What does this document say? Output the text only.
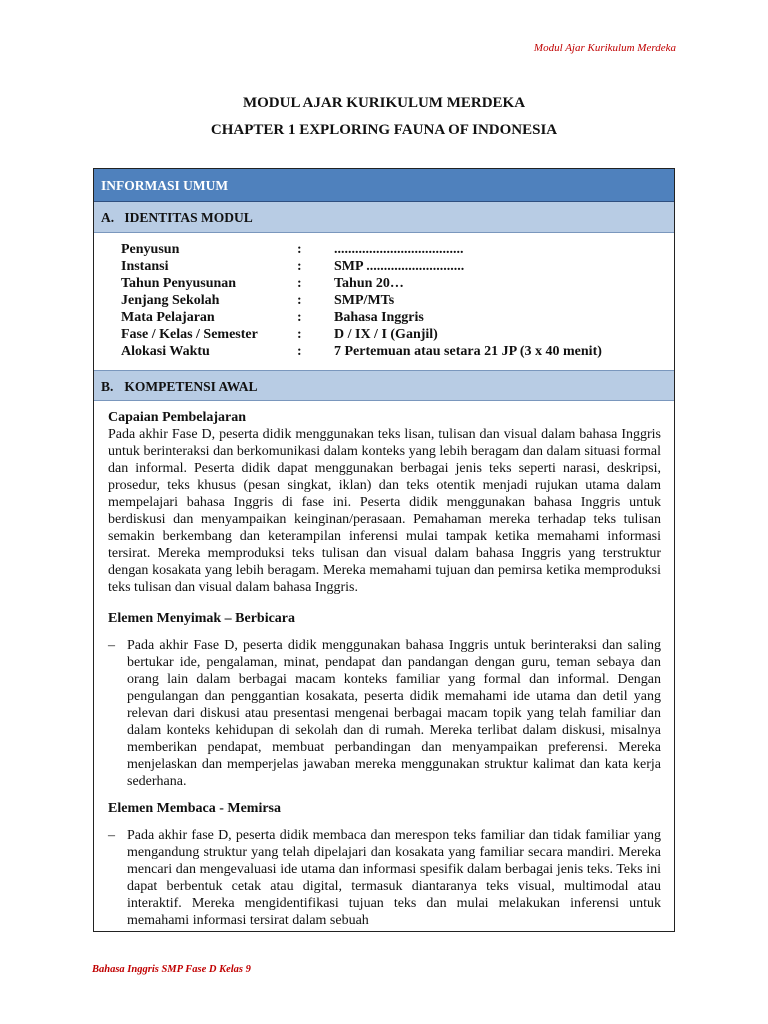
Modul Ajar Kurikulum Merdeka
MODUL AJAR KURIKULUM MERDEKA
CHAPTER 1 EXPLORING FAUNA OF INDONESIA
INFORMASI UMUM
A. IDENTITAS MODUL
Penyusun	:	.....................................
Instansi	:	SMP ............................
Tahun Penyusunan	:	Tahun 20…
Jenjang Sekolah	:	SMP/MTs
Mata Pelajaran	:	Bahasa Inggris
Fase / Kelas / Semester	:	D / IX / I (Ganjil)
Alokasi Waktu	:	7 Pertemuan atau setara 21 JP (3 x 40 menit)
B. KOMPETENSI AWAL

Capaian Pembelajaran

Pada akhir Fase D, peserta didik menggunakan teks lisan, tulisan dan visual dalam bahasa Inggris untuk berinteraksi dan berkomunikasi dalam konteks yang lebih beragam dan dalam situasi formal dan informal. Peserta didik dapat menggunakan berbagai jenis teks seperti narasi, deskripsi, prosedur, teks khusus (pesan singkat, iklan) dan teks otentik menjadi rujukan utama dalam mempelajari bahasa Inggris di fase ini. Peserta didik menggunakan bahasa Inggris untuk berdiskusi dan menyampaikan keinginan/perasaan. Pemahaman mereka terhadap teks tulisan semakin berkembang dan keterampilan inferensi mulai tampak ketika memahami informasi tersirat. Mereka memproduksi teks tulisan dan visual dalam bahasa Inggris yang terstruktur dengan kosakata yang lebih beragam. Mereka memahami tujuan dan pemirsa ketika memproduksi teks tulisan dan visual dalam bahasa Inggris.

Elemen Menyimak – Berbicara

– Pada akhir Fase D, peserta didik menggunakan bahasa Inggris untuk berinteraksi dan saling bertukar ide, pengalaman, minat, pendapat dan pandangan dengan guru, teman sebaya dan orang lain dalam berbagai macam konteks familiar yang formal dan informal. Dengan pengulangan dan penggantian kosakata, peserta didik memahami ide utama dan detil yang relevan dari diskusi atau presentasi mengenai berbagai macam topik yang telah familiar dan dalam konteks kehidupan di sekolah dan di rumah. Mereka terlibat dalam diskusi, misalnya memberikan pendapat, membuat perbandingan dan menyampaikan preferensi. Mereka menjelaskan dan memperjelas jawaban mereka menggunakan struktur kalimat dan kata kerja sederhana.

Elemen Membaca - Memirsa

– Pada akhir fase D, peserta didik membaca dan merespon teks familiar dan tidak familiar yang mengandung struktur yang telah dipelajari dan kosakata yang familiar secara mandiri. Mereka mencari dan mengevaluasi ide utama dan informasi spesifik dalam berbagai jenis teks. Teks ini dapat berbentuk cetak atau digital, termasuk diantaranya teks visual, multimodal atau interaktif. Mereka mengidentifikasi tujuan teks dan mulai melakukan inferensi untuk memahami informasi tersirat dalam sebuah
Bahasa Inggris SMP Fase D Kelas 9
